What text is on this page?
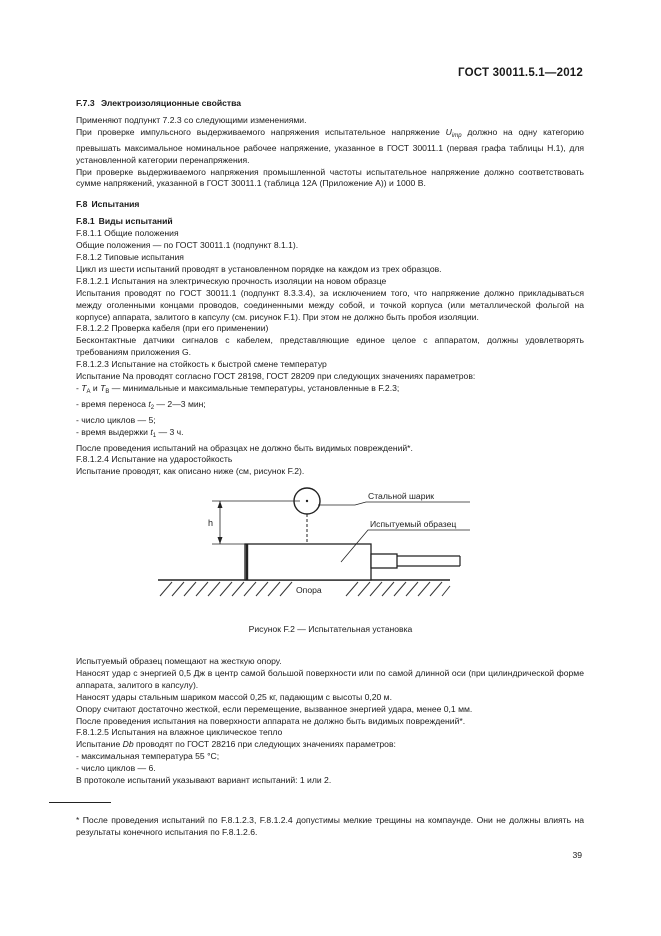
ГОСТ 30011.5.1—2012

F.7.3 Электроизоляционные свойства

Применяют подпункт 7.2.3 со следующими изменениями.

При проверке импульсного выдерживаемого напряжения испытательное напряжение $U_{imp}$ должно на одну категорию превышать максимальное номинальное рабочее напряжение, указанное в ГОСТ 30011.1 (первая графа таблицы Н.1), для установленной категории перенапряжения.

При проверке выдерживаемого напряжения промышленной частоты испытательное напряжение должно соответствовать сумме напряжений, указанной в ГОСТ 30011.1 (таблица 12А (Приложение А)) и 1000 В.

F.8 Испытания

F.8.1 Виды испытаний

F.8.1.1 Общие положения

Общие положения — по ГОСТ 30011.1 (подпункт 8.1.1).

F.8.1.2 Типовые испытания

Цикл из шести испытаний проводят в установленном порядке на каждом из трех образцов.

F.8.1.2.1 Испытания на электрическую прочность изоляции на новом образце

Испытания проводят по ГОСТ 30011.1 (подпункт 8.3.3.4), за исключением того, что напряжение должно прикладываться между оголенными концами проводов, соединенными между собой, и точкой корпуса (или металлической фольгой на корпусе) аппарата, залитого в капсулу (см. рисунок F.1). При этом не должно быть пробоя изоляции.

F.8.1.2.2 Проверка кабеля (при его применении)

Бесконтактные датчики сигналов с кабелем, представляющие единое целое с аппаратом, должны удовлетворять требованиям приложения G.

F.8.1.2.3 Испытание на стойкость к быстрой смене температур

Испытание Na проводят согласно ГОСТ 28198, ГОСТ 28209 при следующих значениях параметров:

- $T_A$ и $T_B$ — минимальные и максимальные температуры, установленные в F.2.3;

- время переноса $t_2$ — 2—3 мин;

- число циклов — 5;

- время выдержки $t_1$ — 3 ч.

После проведения испытаний на образцах не должно быть видимых повреждений*.

F.8.1.2.4 Испытание на ударостойкость

Испытание проводят, как описано ниже (см, рисунок F.2).

h
Стальной шарик
Испытуемый образец
Опора
Рисунок F.2 — Испытательная установка

Испытуемый образец помещают на жесткую опору.

Наносят удар с энергией 0,5 Дж в центр самой большой поверхности или по самой длинной оси (при цилиндрической форме аппарата, залитого в капсулу).

Наносят удары стальным шариком массой 0,25 кг, падающим с высоты 0,20 м.

Опору считают достаточно жесткой, если перемещение, вызванное энергией удара, менее 0,1 мм.

После проведения испытания на поверхности аппарата не должно быть видимых повреждений*.

F.8.1.2.5 Испытания на влажное циклическое тепло

Испытание Db проводят по ГОСТ 28216 при следующих значениях параметров:

- максимальная температура 55 °С;

- число циклов — 6.

В протоколе испытаний указывают вариант испытаний: 1 или 2.

* После проведения испытаний по F.8.1.2.3, F.8.1.2.4 допустимы мелкие трещины на компаунде. Они не должны влиять на результаты конечного испытания по F.8.1.2.6.

39
